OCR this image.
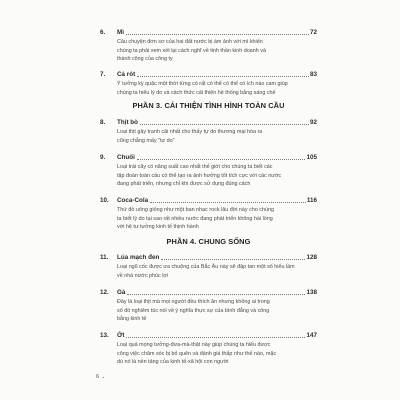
6.	Mì	72
Câu chuyện đơn sơ của hai đất nước bị ám ảnh với mì khiến
chúng ta phải xem xét lại cách nghĩ về tinh thần kinh doanh và
thành công của công ty
7.	Cá rót	83
Ý tưởng kỳ quặc một thời từng có rất có thể có thể có ích nào cam giúp
chúng ta hiểu lý do và cách thức cải thiện hệ thống bằng sáng chế
PHẦN 3. CẢI THIỆN TÌNH HÌNH TOÀN CẦU
8.	Thịt bò	92
Loại thịt gây tranh cãi nhất cho thấy tự do thương mại hóa ra
cũng chẳng mấy "tự do"
9.	Chuối	105
Loại trái cây có năng suất cao nhất thế giới cho chúng ta biết các
tập đoàn toàn cầu có thể tạo ra ảnh hưởng tốt tích cực với các nước
đang phát triển, nhưng chỉ khi được sử dụng đúng cách
10.	Coca-Cola	116
Thứ đồ uống giống như một ban nhạc rock lâu đời này cho chúng
ta biết lý do tại sao rất nhiều nước đang phát triển không hài lòng
với hệ tư tưởng kinh tế thịnh hành
PHẦN 4. CHUNG SỐNG
11.	Lúa mạch đen	128
Loại ngũ cốc được ưa chuộng của Bắc Âu này sẽ đập tan một số hiểu lầm
về nhà nước phúc lợi
12.	Gà	138
Đây là loại thịt mà mọi người đều thích ăn nhưng không ai trong
số đó nghiêm túc nói về ý nghĩa thực sự của bình đẳng và công
bằng kinh tế
13.	Ớt	147
Loại quả mọng tưởng-đưa-mà-thật này giúp chúng ta hiểu được
công việc chăm sóc bị bỏ quên và đánh giá thấp như thế nào, mặc
dù nó là nền tảng của kinh tế-xã hội con người
6 ⌄
